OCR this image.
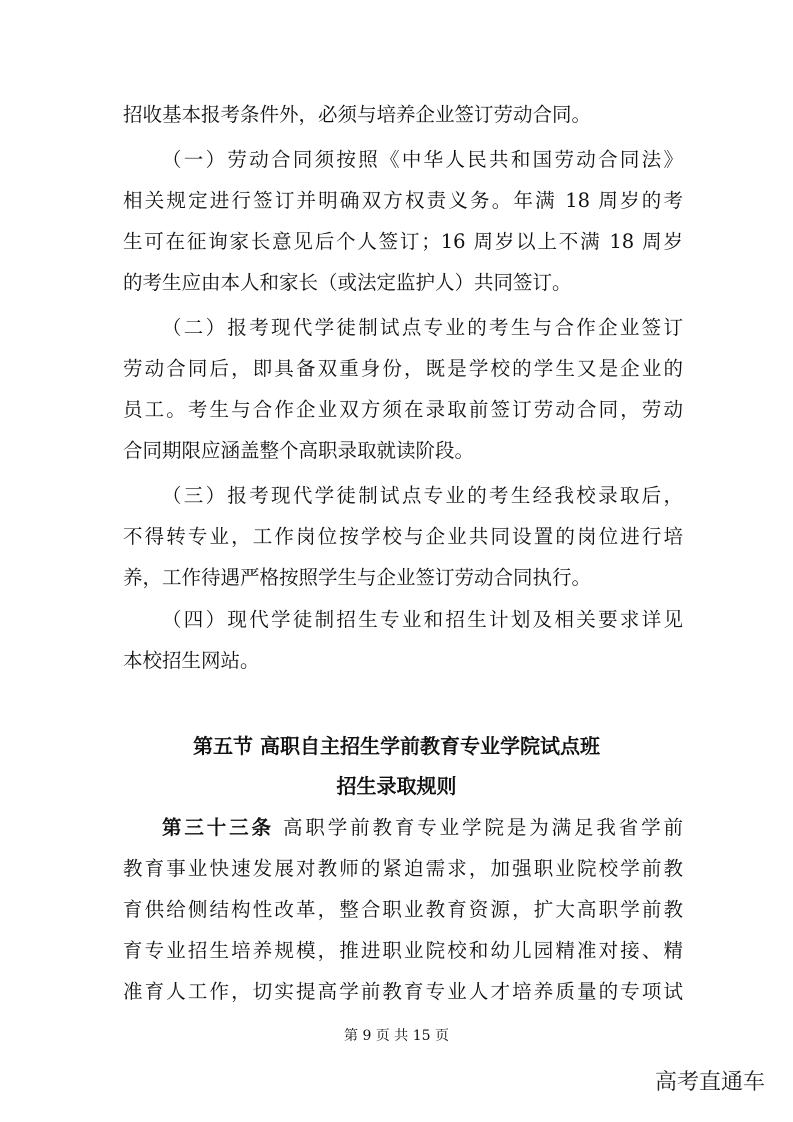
招收基本报考条件外，必须与培养企业签订劳动合同。
（一）劳动合同须按照《中华人民共和国劳动合同法》
相关规定进行签订并明确双方权责义务。年满 18 周岁的考
生可在征询家长意见后个人签订；16 周岁以上不满 18 周岁
的考生应由本人和家长（或法定监护人）共同签订。
（二）报考现代学徒制试点专业的考生与合作企业签订
劳动合同后，即具备双重身份，既是学校的学生又是企业的
员工。考生与合作企业双方须在录取前签订劳动合同，劳动
合同期限应涵盖整个高职录取就读阶段。
（三）报考现代学徒制试点专业的考生经我校录取后，
不得转专业，工作岗位按学校与企业共同设置的岗位进行培
养，工作待遇严格按照学生与企业签订劳动合同执行。
（四）现代学徒制招生专业和招生计划及相关要求详见
本校招生网站。
第五节 高职自主招生学前教育专业学院试点班
招生录取规则
第三十三条 高职学前教育专业学院是为满足我省学前
教育事业快速发展对教师的紧迫需求，加强职业院校学前教
育供给侧结构性改革，整合职业教育资源，扩大高职学前教
育专业招生培养规模，推进职业院校和幼儿园精准对接、精
准育人工作，切实提高学前教育专业人才培养质量的专项试
第 9 页 共 15 页
高考直通车
